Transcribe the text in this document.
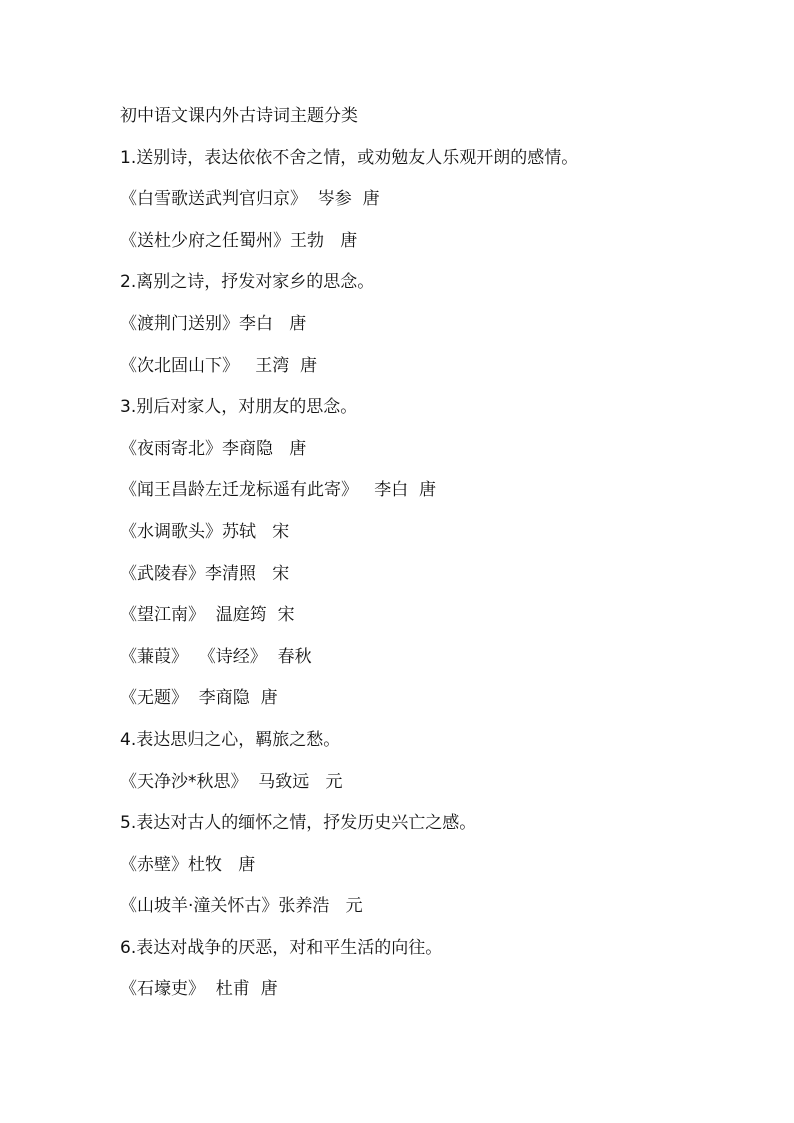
初中语文课内外古诗词主题分类
1.送别诗，表达依依不舍之情，或劝勉友人乐观开朗的感情。
《白雪歌送武判官归京》  岑参  唐
《送杜少府之任蜀州》王勃   唐
2.离别之诗，抒发对家乡的思念。
《渡荆门送别》李白   唐
《次北固山下》   王湾  唐
3.别后对家人，对朋友的思念。
《夜雨寄北》李商隐   唐
《闻王昌龄左迁龙标遥有此寄》   李白  唐
《水调歌头》苏轼   宋
《武陵春》李清照   宋
《望江南》  温庭筠  宋
《蒹葭》  《诗经》  春秋
《无题》  李商隐  唐
4.表达思归之心，羁旅之愁。
《天净沙*秋思》  马致远   元
5.表达对古人的缅怀之情，抒发历史兴亡之感。
《赤壁》杜牧   唐
《山坡羊·潼关怀古》张养浩   元
6.表达对战争的厌恶，对和平生活的向往。
《石壕吏》  杜甫  唐
